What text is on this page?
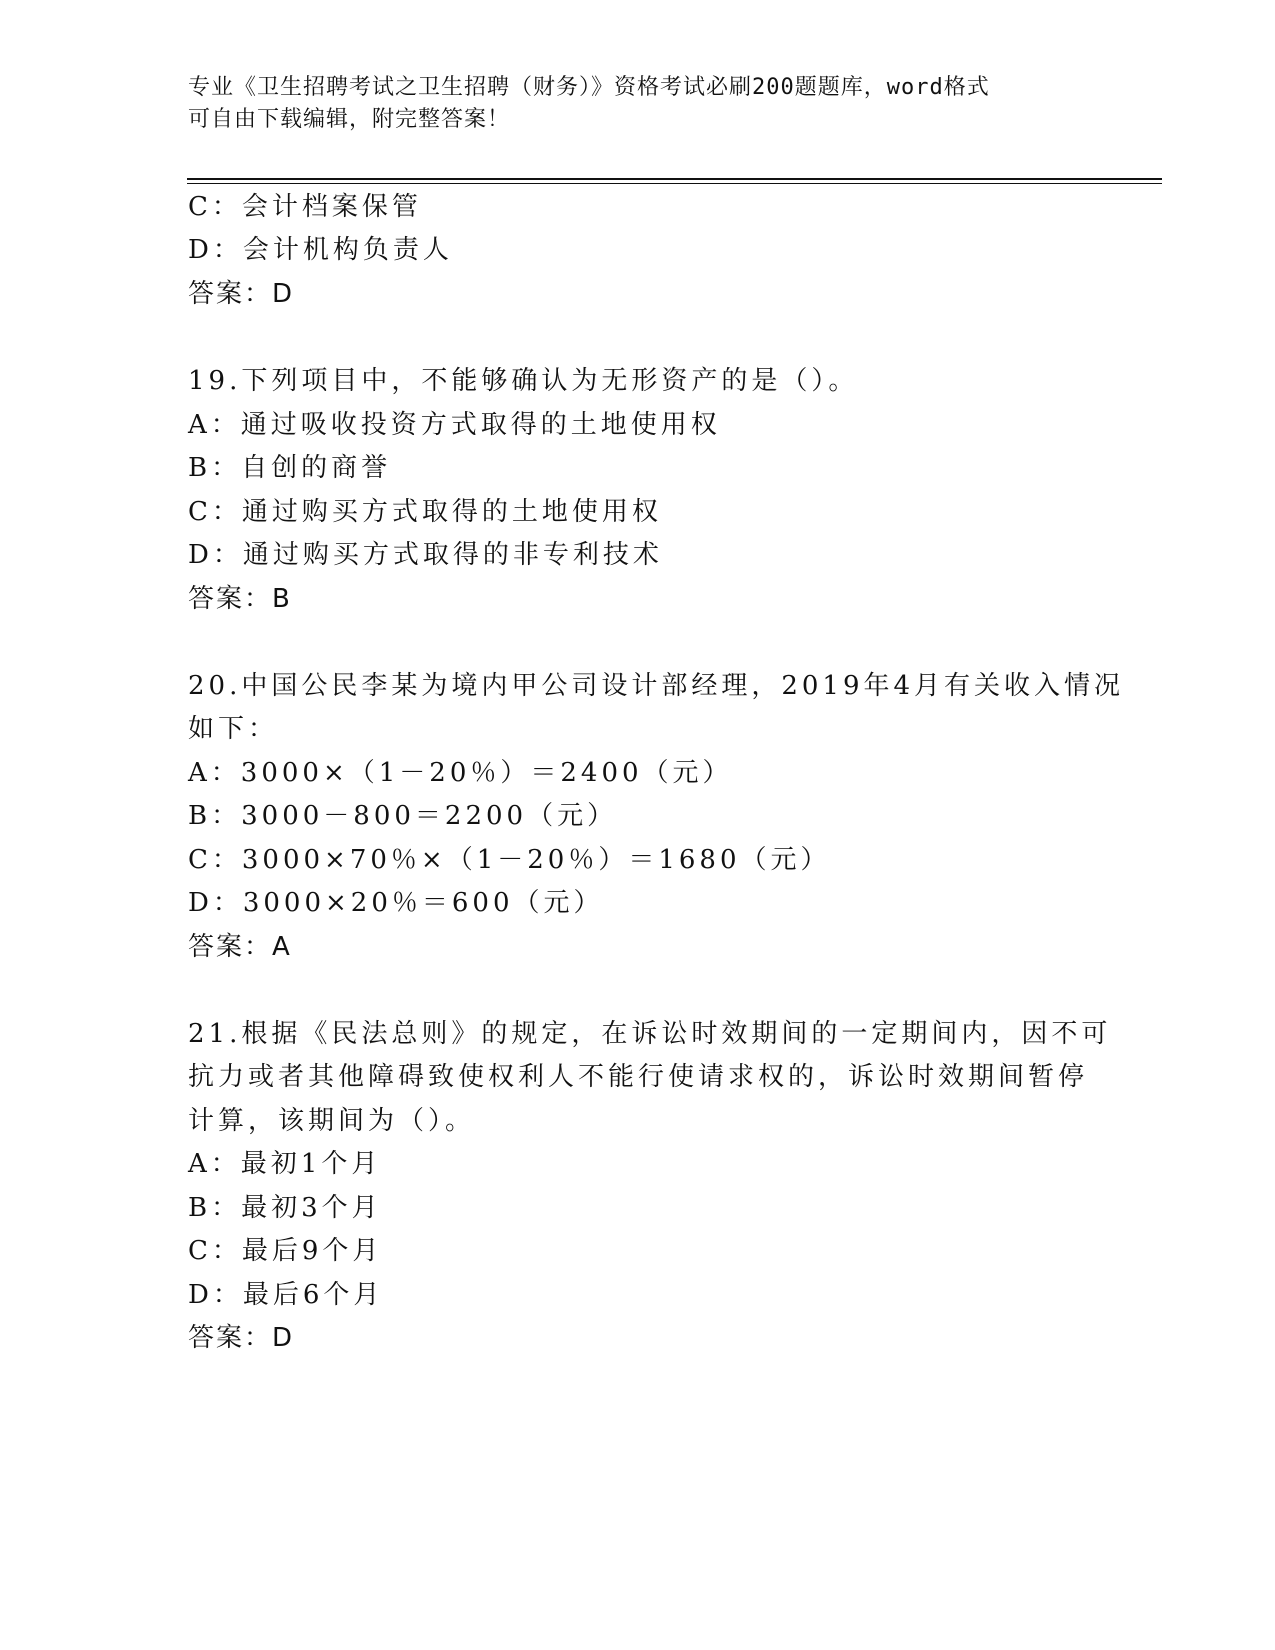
专业《卫生招聘考试之卫生招聘（财务）》资格考试必刷200题题库，word格式
可自由下载编辑，附完整答案！
C：会计档案保管
D：会计机构负责人
答案：D
19.下列项目中，不能够确认为无形资产的是（）。
A：通过吸收投资方式取得的土地使用权
B：自创的商誉
C：通过购买方式取得的土地使用权
D：通过购买方式取得的非专利技术
答案：B
20.中国公民李某为境内甲公司设计部经理，2019年4月有关收入情况
如下：
A：3000×（1－20％）＝2400（元）
B：3000－800＝2200（元）
C：3000×70％×（1－20％）＝1680（元）
D：3000×20％＝600（元）
答案：A
21.根据《民法总则》的规定，在诉讼时效期间的一定期间内，因不可
抗力或者其他障碍致使权利人不能行使请求权的，诉讼时效期间暂停
计算，该期间为（）。
A：最初1个月
B：最初3个月
C：最后9个月
D：最后6个月
答案：D
